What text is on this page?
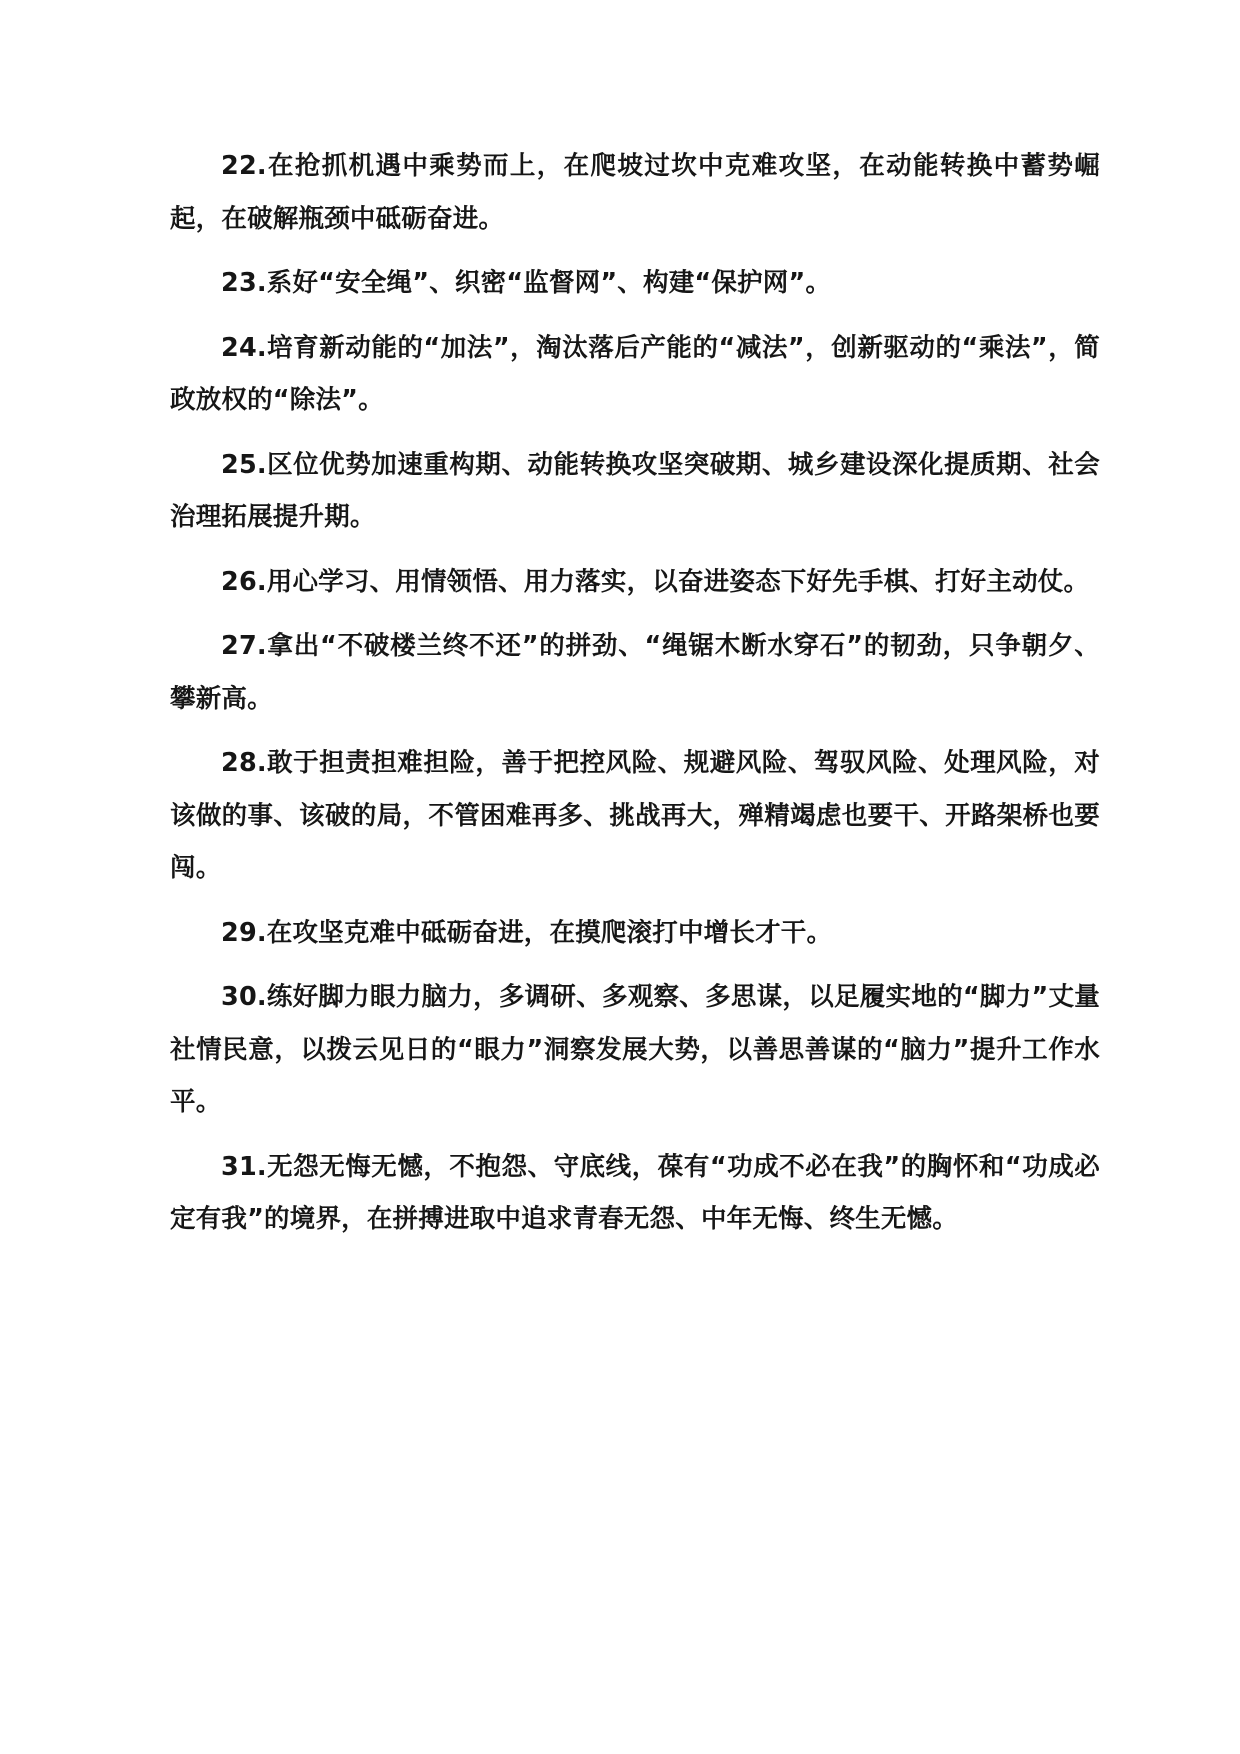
22.在抢抓机遇中乘势而上，在爬坡过坎中克难攻坚，在动能转换中蓄势崛起，在破解瓶颈中砥砺奋进。

23.系好“安全绳”、织密“监督网”、构建“保护网”。

24.培育新动能的“加法”，淘汰落后产能的“减法”，创新驱动的“乘法”，简政放权的“除法”。

25.区位优势加速重构期、动能转换攻坚突破期、城乡建设深化提质期、社会治理拓展提升期。

26.用心学习、用情领悟、用力落实，以奋进姿态下好先手棋、打好主动仗。

27.拿出“不破楼兰终不还”的拼劲、“绳锯木断水穿石”的韧劲，只争朝夕、攀新高。

28.敢于担责担难担险，善于把控风险、规避风险、驾驭风险、处理风险，对该做的事、该破的局，不管困难再多、挑战再大，殚精竭虑也要干、开路架桥也要闯。

29.在攻坚克难中砥砺奋进，在摸爬滚打中增长才干。

30.练好脚力眼力脑力，多调研、多观察、多思谋，以足履实地的“脚力”丈量社情民意，以拨云见日的“眼力”洞察发展大势，以善思善谋的“脑力”提升工作水平。

31.无怨无悔无憾，不抱怨、守底线，葆有“功成不必在我”的胸怀和“功成必定有我”的境界，在拼搏进取中追求青春无怨、中年无悔、终生无憾。
